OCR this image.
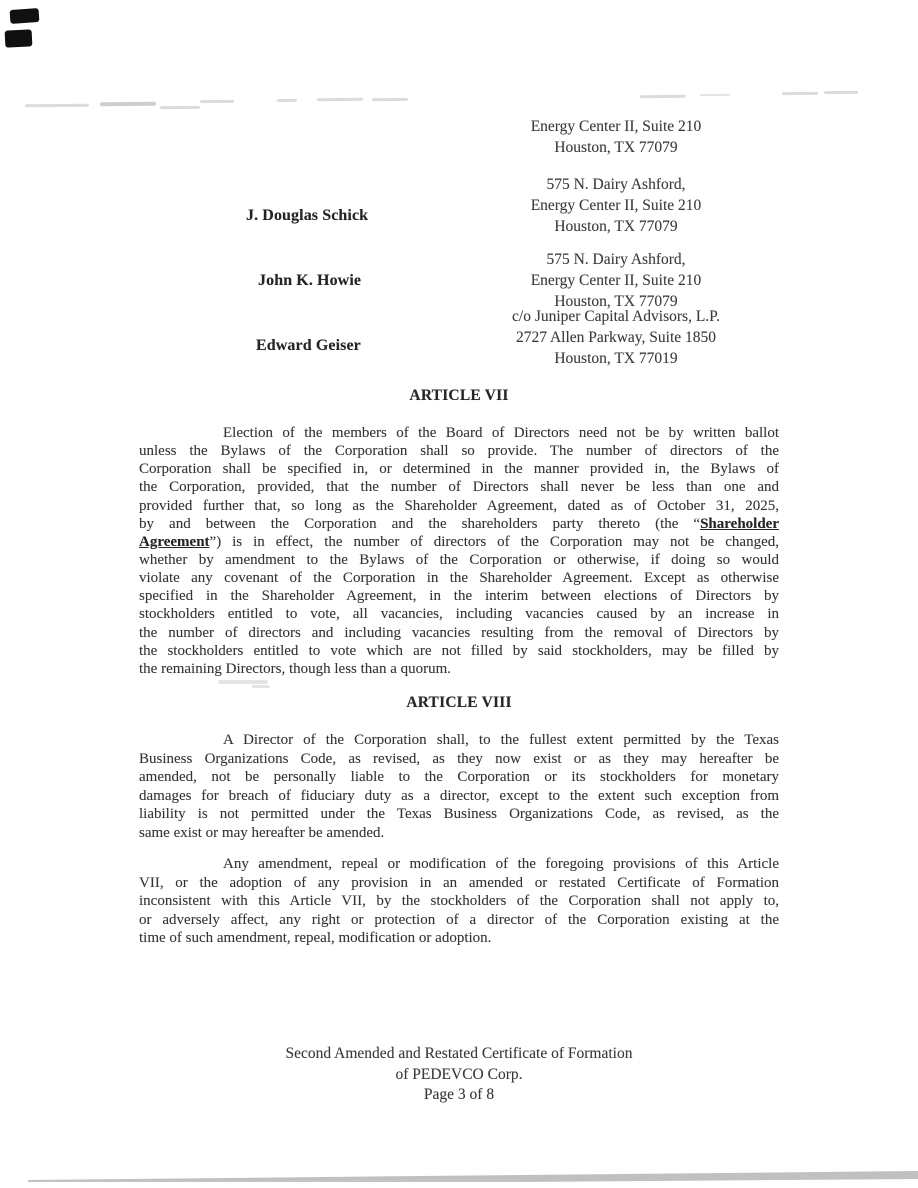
Energy Center II, Suite 210
Houston, TX 77079
575 N. Dairy Ashford,
Energy Center II, Suite 210
Houston, TX 77079
575 N. Dairy Ashford,
Energy Center II, Suite 210
Houston, TX 77079
c/o Juniper Capital Advisors, L.P.
2727 Allen Parkway, Suite 1850
Houston, TX 77019
J. Douglas Schick
John K. Howie
Edward Geiser
ARTICLE VII
Election of the members of the Board of Directors need not be by written ballot
unless the Bylaws of the Corporation shall so provide. The number of directors of the
Corporation shall be specified in, or determined in the manner provided in, the Bylaws of
the Corporation, provided, that the number of Directors shall never be less than one and
provided further that, so long as the Shareholder Agreement, dated as of October 31, 2025,
by and between the Corporation and the shareholders party thereto (the “Shareholder
Agreement”) is in effect, the number of directors of the Corporation may not be changed,
whether by amendment to the Bylaws of the Corporation or otherwise, if doing so would
violate any covenant of the Corporation in the Shareholder Agreement. Except as otherwise
specified in the Shareholder Agreement, in the interim between elections of Directors by
stockholders entitled to vote, all vacancies, including vacancies caused by an increase in
the number of directors and including vacancies resulting from the removal of Directors by
the stockholders entitled to vote which are not filled by said stockholders, may be filled by
the remaining Directors, though less than a quorum.
ARTICLE VIII
A Director of the Corporation shall, to the fullest extent permitted by the Texas
Business Organizations Code, as revised, as they now exist or as they may hereafter be
amended, not be personally liable to the Corporation or its stockholders for monetary
damages for breach of fiduciary duty as a director, except to the extent such exception from
liability is not permitted under the Texas Business Organizations Code, as revised, as the
same exist or may hereafter be amended.
Any amendment, repeal or modification of the foregoing provisions of this Article
VII, or the adoption of any provision in an amended or restated Certificate of Formation
inconsistent with this Article VII, by the stockholders of the Corporation shall not apply to,
or adversely affect, any right or protection of a director of the Corporation existing at the
time of such amendment, repeal, modification or adoption.
Second Amended and Restated Certificate of Formation
of PEDEVCO Corp.
Page 3 of 8
